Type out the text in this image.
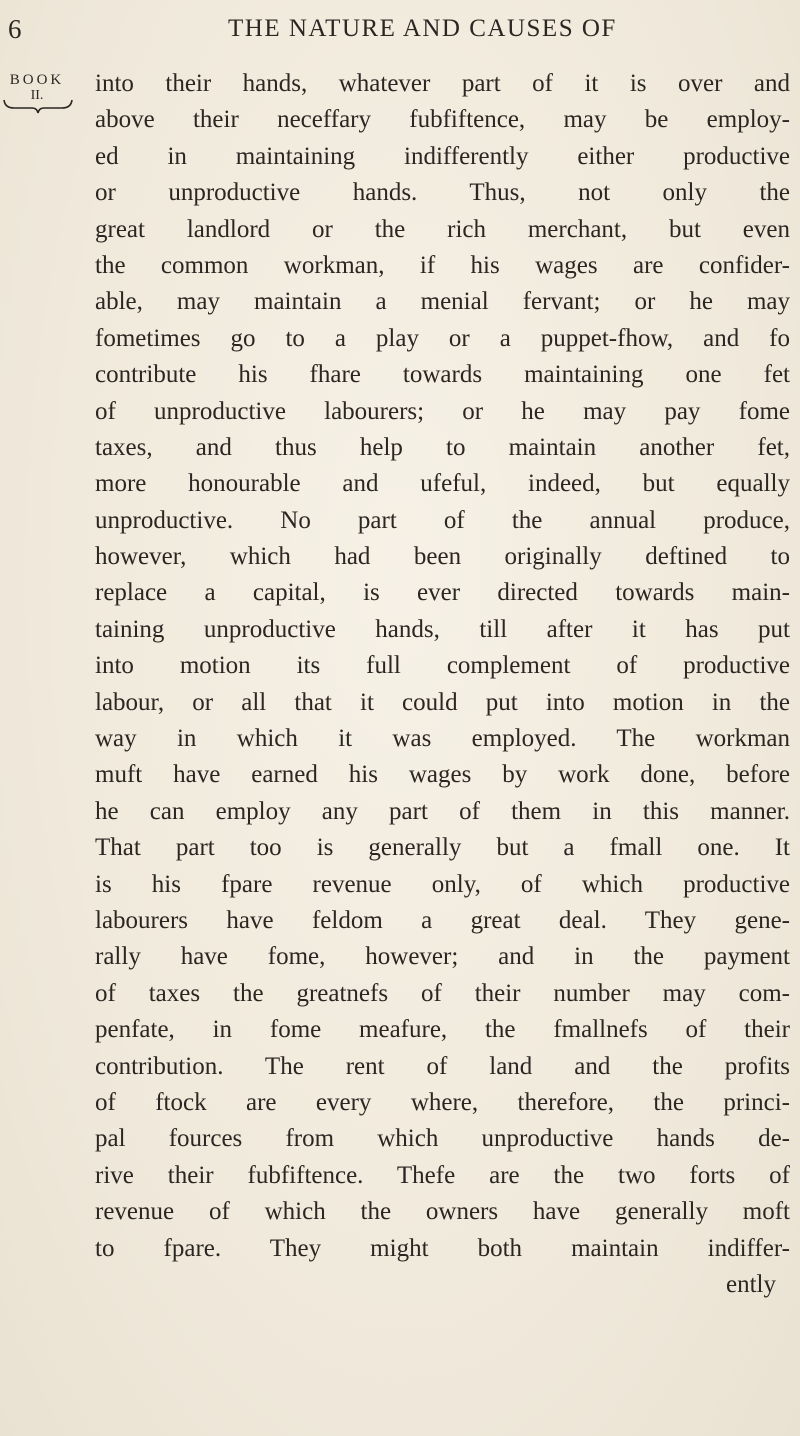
6	THE NATURE AND CAUSES OF
BOOK
II.	into their hands, whatever part of it is over and
above their neceffary fubfiftence, may be employ-
ed in maintaining indifferently either productive
or unproductive hands. Thus, not only the
great landlord or the rich merchant, but even
the common workman, if his wages are confider-
able, may maintain a menial fervant; or he may
fometimes go to a play or a puppet-fhow, and fo
contribute his fhare towards maintaining one fet
of unproductive labourers; or he may pay fome
taxes, and thus help to maintain another fet,
more honourable and ufeful, indeed, but equally
unproductive. No part of the annual produce,
however, which had been originally deftined to
replace a capital, is ever directed towards main-
taining unproductive hands, till after it has put
into motion its full complement of productive
labour, or all that it could put into motion in the
way in which it was employed. The workman
muft have earned his wages by work done, before
he can employ any part of them in this manner.
That part too is generally but a fmall one. It
is his fpare revenue only, of which productive
labourers have feldom a great deal. They gene-
rally have fome, however; and in the payment
of taxes the greatnefs of their number may com-
penfate, in fome meafure, the fmallnefs of their
contribution. The rent of land and the profits
of ftock are every where, therefore, the princi-
pal fources from which unproductive hands de-
rive their fubfiftence. Thefe are the two forts of
revenue of which the owners have generally moft
to fpare. They might both maintain indiffer-
ently
